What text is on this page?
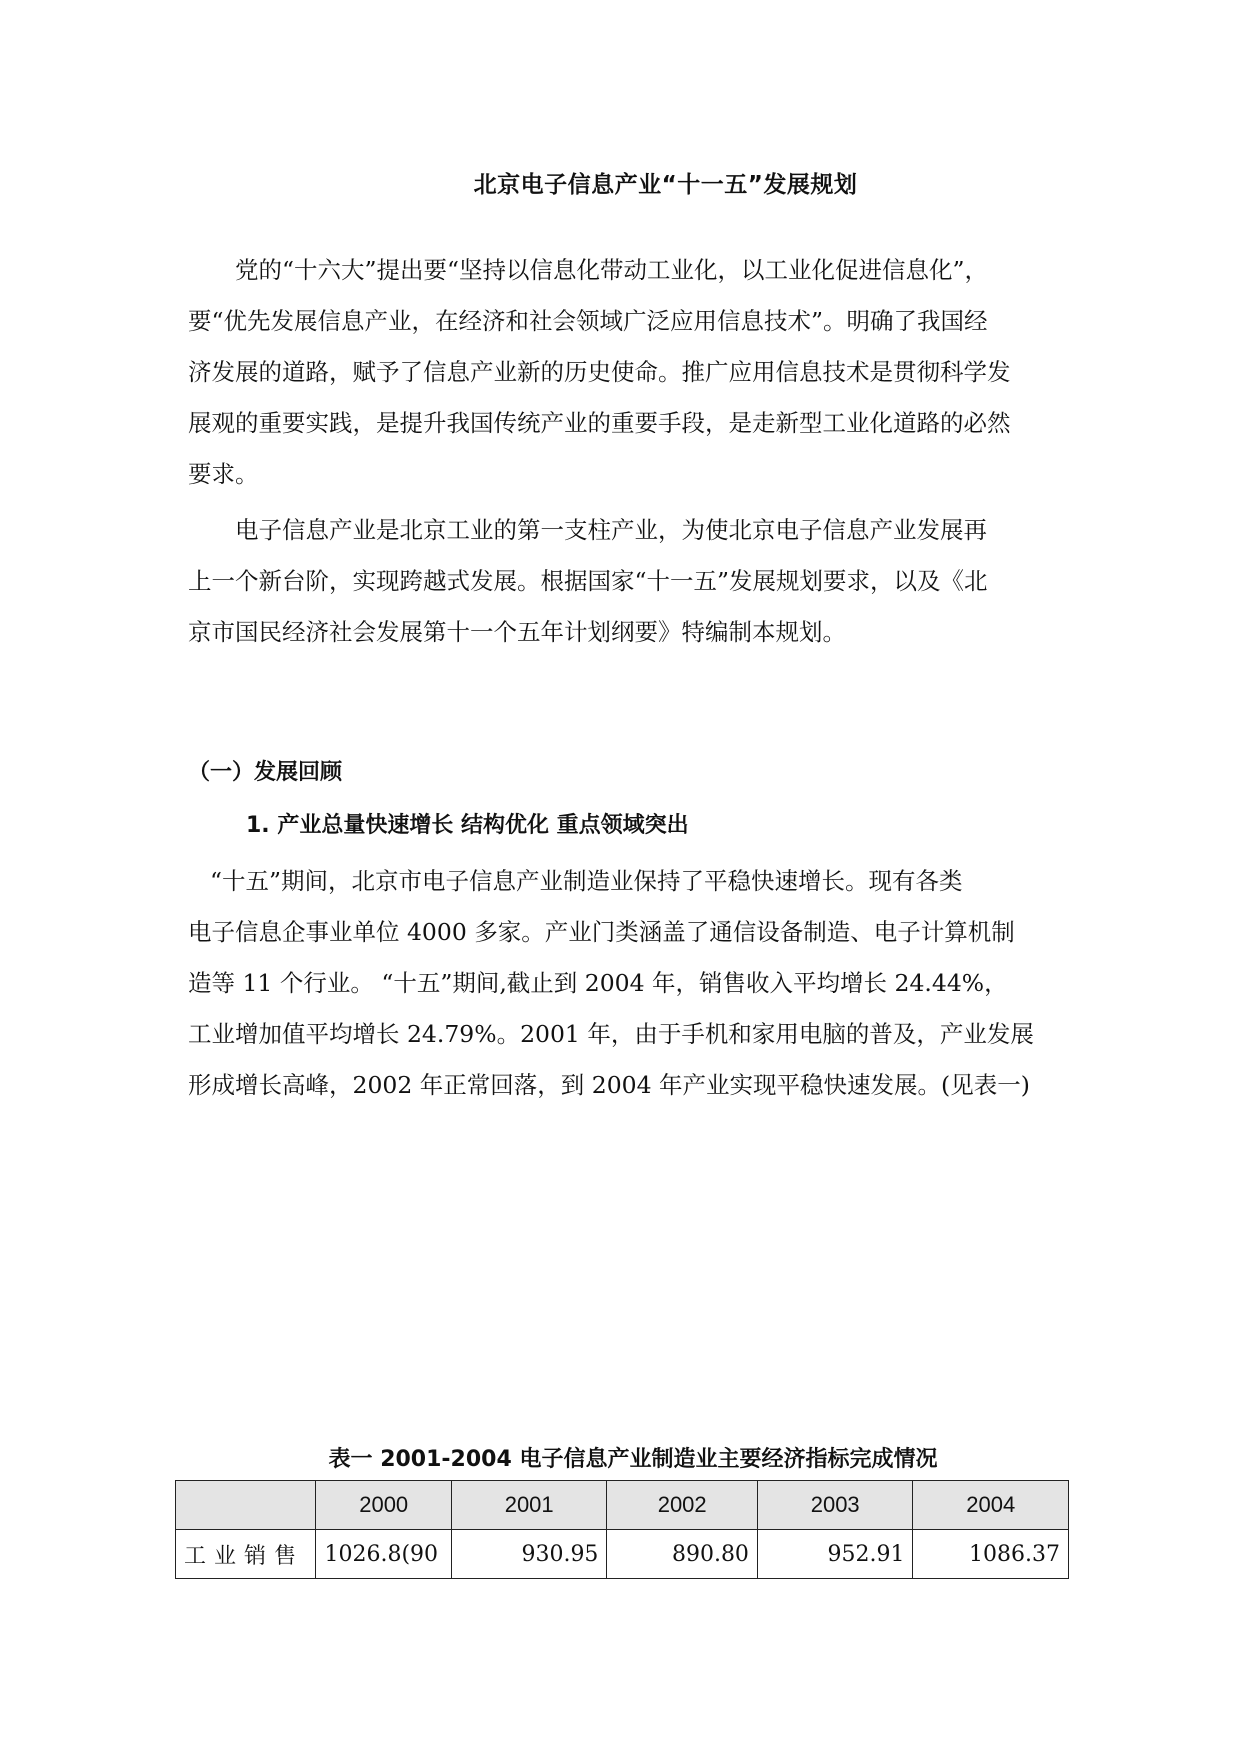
北京电子信息产业“十一五”发展规划

党的“十六大”提出要“坚持以信息化带动工业化，以工业化促进信息化”，
要“优先发展信息产业，在经济和社会领域广泛应用信息技术”。明确了我国经
济发展的道路，赋予了信息产业新的历史使命。推广应用信息技术是贯彻科学发
展观的重要实践，是提升我国传统产业的重要手段，是走新型工业化道路的必然
要求。

电子信息产业是北京工业的第一支柱产业，为使北京电子信息产业发展再
上一个新台阶，实现跨越式发展。根据国家“十一五”发展规划要求，以及《北
京市国民经济社会发展第十一个五年计划纲要》特编制本规划。

（一）发展回顾
1. 产业总量快速增长 结构优化 重点领域突出

“十五”期间，北京市电子信息产业制造业保持了平稳快速增长。现有各类
电子信息企事业单位 4000 多家。产业门类涵盖了通信设备制造、电子计算机制
造等 11 个行业。 “十五”期间,截止到 2004 年，销售收入平均增长 24.44%，
工业增加值平均增长 24.79%。2001 年，由于手机和家用电脑的普及，产业发展
形成增长高峰，2002 年正常回落，到 2004 年产业实现平稳快速发展。(见表一)

表一 2001-2004 电子信息产业制造业主要经济指标完成情况
	2000	2001	2002	2003	2004
工业销售	1026.8(90	930.95	890.80	952.91	1086.37
